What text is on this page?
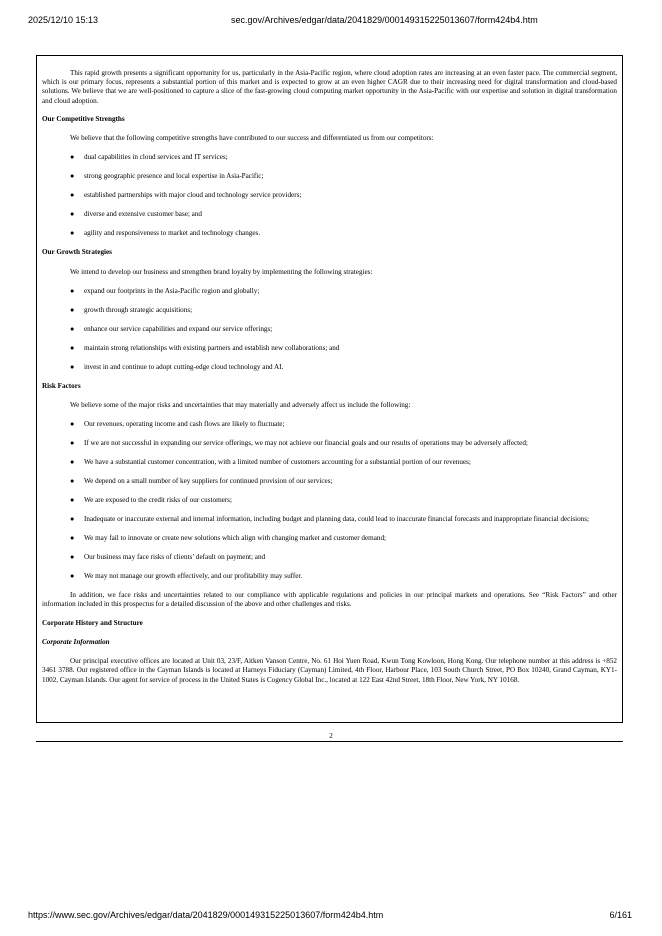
2025/12/10 15:13	sec.gov/Archives/edgar/data/2041829/000149315225013607/form424b4.htm

This rapid growth presents a significant opportunity for us, particularly in the Asia-Pacific region, where cloud adoption rates are increasing at an even faster pace. The commercial segment, which is our primary focus, represents a substantial portion of this market and is expected to grow at an even higher CAGR due to their increasing need for digital transformation and cloud-based solutions. We believe that we are well-positioned to capture a slice of the fast-growing cloud computing market opportunity in the Asia-Pacific with our expertise and solution in digital transformation and cloud adoption.

Our Competitive Strengths
We believe that the following competitive strengths have contributed to our success and differentiated us from our competitors:
● dual capabilities in cloud services and IT services;
● strong geographic presence and local expertise in Asia-Pacific;
● established partnerships with major cloud and technology service providers;
● diverse and extensive customer base; and
● agility and responsiveness to market and technology changes.
Our Growth Strategies
We intend to develop our business and strengthen brand loyalty by implementing the following strategies:
● expand our footprints in the Asia-Pacific region and globally;
● growth through strategic acquisitions;
● enhance our service capabilities and expand our service offerings;
● maintain strong relationships with existing partners and establish new collaborations; and
● invest in and continue to adopt cutting-edge cloud technology and AI.
Risk Factors
We believe some of the major risks and uncertainties that may materially and adversely affect us include the following:
● Our revenues, operating income and cash flows are likely to fluctuate;
● If we are not successful in expanding our service offerings, we may not achieve our financial goals and our results of operations may be adversely affected;
● We have a substantial customer concentration, with a limited number of customers accounting for a substantial portion of our revenues;
● We depend on a small number of key suppliers for continued provision of our services;
● We are exposed to the credit risks of our customers;
● Inadequate or inaccurate external and internal information, including budget and planning data, could lead to inaccurate financial forecasts and inappropriate financial decisions;
● We may fail to innovate or create new solutions which align with changing market and customer demand;
● Our business may face risks of clients’ default on payment; and
● We may not manage our growth effectively, and our profitability may suffer.

In addition, we face risks and uncertainties related to our compliance with applicable regulations and policies in our principal markets and operations. See “Risk Factors” and other information included in this prospectus for a detailed discussion of the above and other challenges and risks.

Corporate History and Structure
Corporate Information

Our principal executive offices are located at Unit 03, 23/F, Aitken Vanson Centre, No. 61 Hoi Yuen Road, Kwun Tong Kowloon, Hong Kong. Our telephone number at this address is +852 3461 3788. Our registered office in the Cayman Islands is located at Harneys Fiduciary (Cayman) Limited, 4th Floor, Harbour Place, 103 South Church Street, PO Box 10240, Grand Cayman, KY1-1002, Cayman Islands. Our agent for service of process in the United States is Cogency Global Inc., located at 122 East 42nd Street, 18th Floor, New York, NY 10168.

2
https://www.sec.gov/Archives/edgar/data/2041829/000149315225013607/form424b4.htm	6/161
